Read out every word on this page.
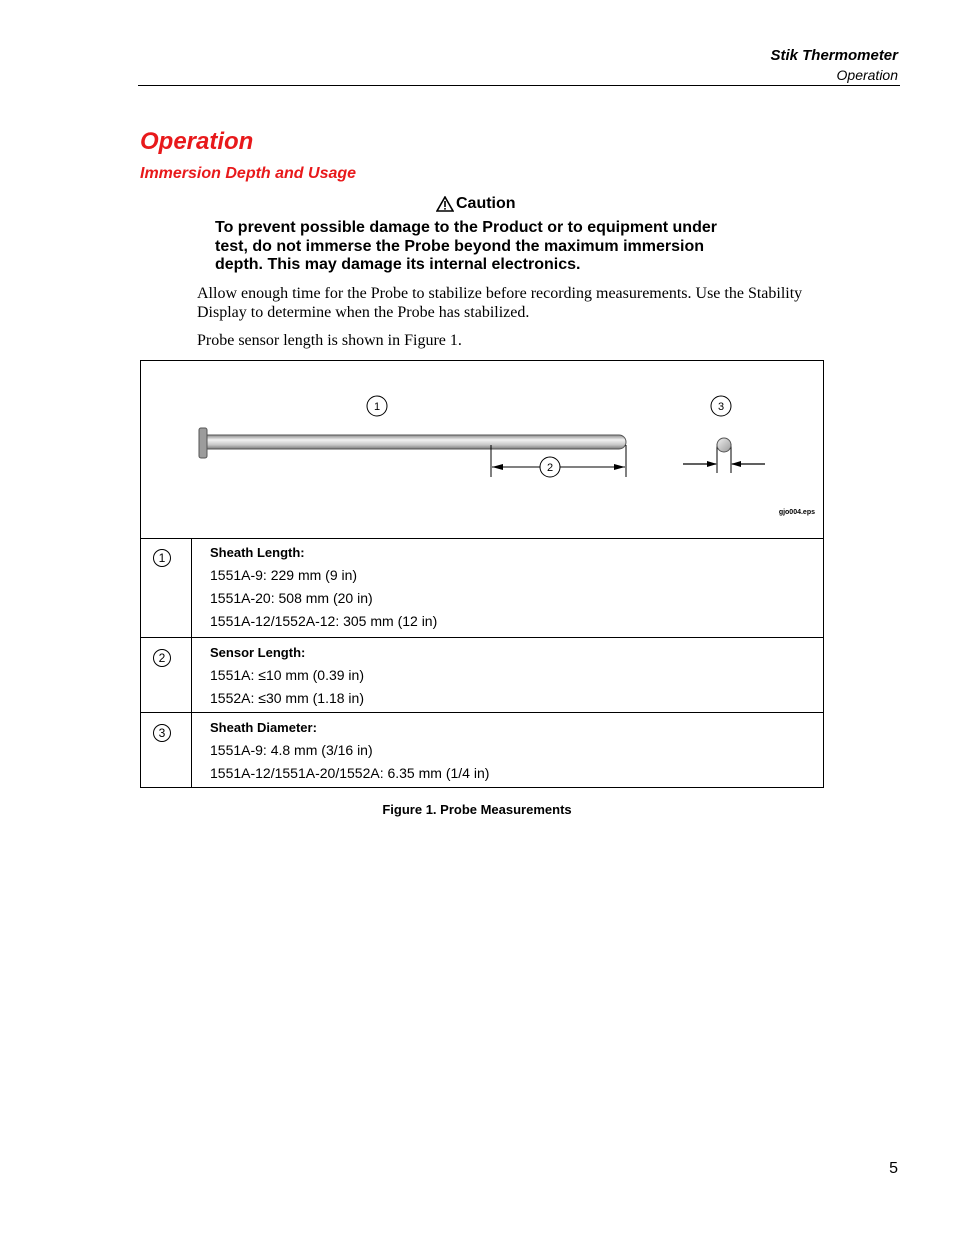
Stik Thermometer
Operation
Operation
Immersion Depth and Usage
Caution
To prevent possible damage to the Product or to equipment under test, do not immerse the Probe beyond the maximum immersion depth. This may damage its internal electronics.
Allow enough time for the Probe to stabilize before recording measurements. Use the Stability Display to determine when the Probe has stabilized.
Probe sensor length is shown in Figure 1.
1
2
3
gjo004.eps
1	Sheath Length:
1551A-9: 229 mm (9 in)
1551A-20: 508 mm (20 in)
1551A-12/1552A-12: 305 mm (12 in)
2	Sensor Length:
1551A: ≤10 mm (0.39 in)
1552A: ≤30 mm (1.18 in)
3	Sheath Diameter:
1551A-9: 4.8 mm (3/16 in)
1551A-12/1551A-20/1552A: 6.35 mm (1/4 in)
Figure 1. Probe Measurements
5
